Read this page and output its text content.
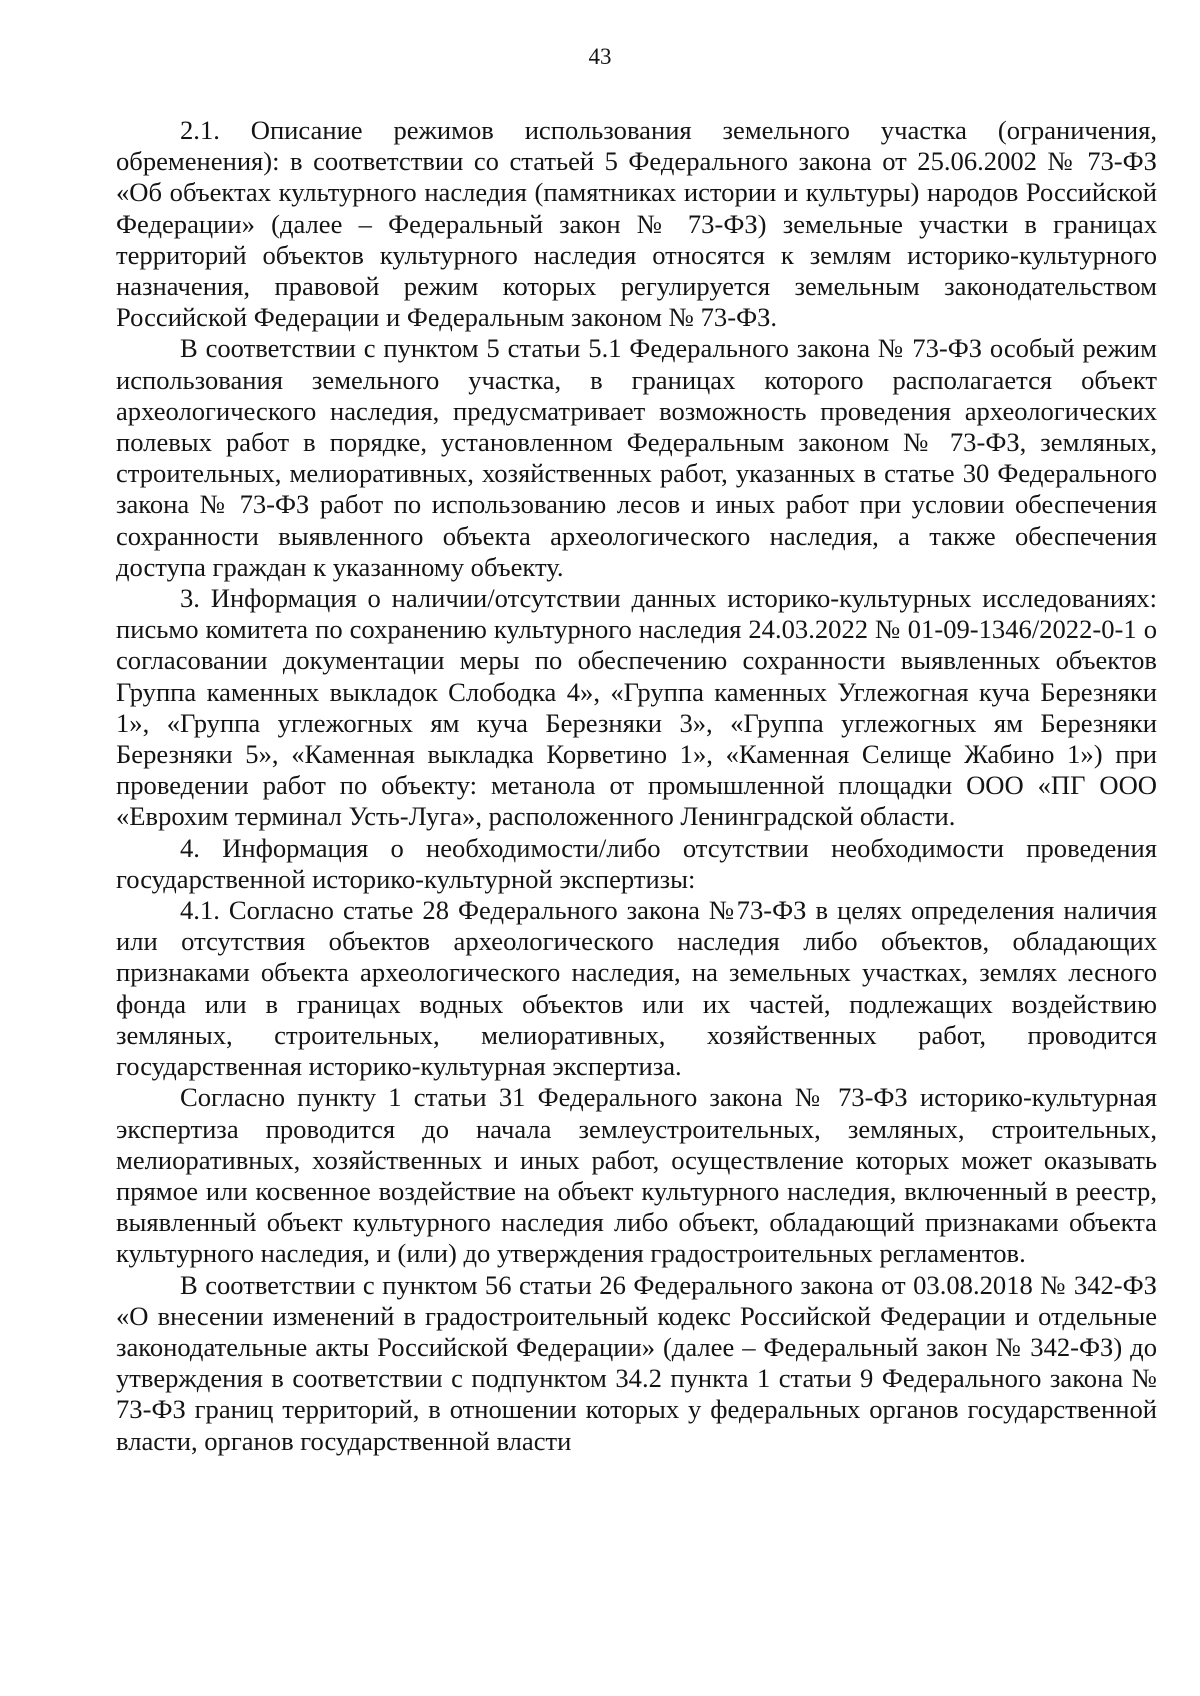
43

2.1. Описание режимов использования земельного участка (ограничения, обременения): в соответствии со статьей 5 Федерального закона от 25.06.2002 № 73-ФЗ «Об объектах культурного наследия (памятниках истории и культуры) народов Российской Федерации» (далее – Федеральный закон № 73-ФЗ) земельные участки в границах территорий объектов культурного наследия относятся к землям историко-культурного назначения, правовой режим которых регулируется земельным законодательством Российской Федерации и Федеральным законом № 73-ФЗ.

В соответствии с пунктом 5 статьи 5.1 Федерального закона № 73-ФЗ особый режим использования земельного участка, в границах которого располагается объект археологического наследия, предусматривает возможность проведения археологических полевых работ в порядке, установленном Федеральным законом № 73-ФЗ, земляных, строительных, мелиоративных, хозяйственных работ, указанных в статье 30 Федерального закона № 73-ФЗ работ по использованию лесов и иных работ при условии обеспечения сохранности выявленного объекта археологического наследия, а также обеспечения доступа граждан к указанному объекту.

3. Информация о наличии/отсутствии данных историко-культурных исследованиях: письмо комитета по сохранению культурного наследия 24.03.2022 № 01-09-1346/2022-0-1 о согласовании документации меры по обеспечению сохранности выявленных объектов Группа каменных выкладок Слободка 4», «Группа каменных Углежогная куча Березняки 1», «Группа углежогных ям куча Березняки 3», «Группа углежогных ям Березняки Березняки 5», «Каменная выкладка Корветино 1», «Каменная Селище Жабино 1») при проведении работ по объекту: метанола от промышленной площадки ООО «ПГ ООО «Еврохим терминал Усть-Луга», расположенного Ленинградской области.

4. Информация о необходимости/либо отсутствии необходимости проведения государственной историко-культурной экспертизы:

4.1. Согласно статье 28 Федерального закона №73-ФЗ в целях определения наличия или отсутствия объектов археологического наследия либо объектов, обладающих признаками объекта археологического наследия, на земельных участках, землях лесного фонда или в границах водных объектов или их частей, подлежащих воздействию земляных, строительных, мелиоративных, хозяйственных работ, проводится государственная историко-культурная экспертиза.

Согласно пункту 1 статьи 31 Федерального закона № 73-ФЗ историко-культурная экспертиза проводится до начала землеустроительных, земляных, строительных, мелиоративных, хозяйственных и иных работ, осуществление которых может оказывать прямое или косвенное воздействие на объект культурного наследия, включенный в реестр, выявленный объект культурного наследия либо объект, обладающий признаками объекта культурного наследия, и (или) до утверждения градостроительных регламентов.

В соответствии с пунктом 56 статьи 26 Федерального закона от 03.08.2018 № 342-ФЗ «О внесении изменений в градостроительный кодекс Российской Федерации и отдельные законодательные акты Российской Федерации» (далее – Федеральный закон № 342-ФЗ) до утверждения в соответствии с подпунктом 34.2 пункта 1 статьи 9 Федерального закона № 73-ФЗ границ территорий, в отношении которых у федеральных органов государственной власти, органов государственной власти
